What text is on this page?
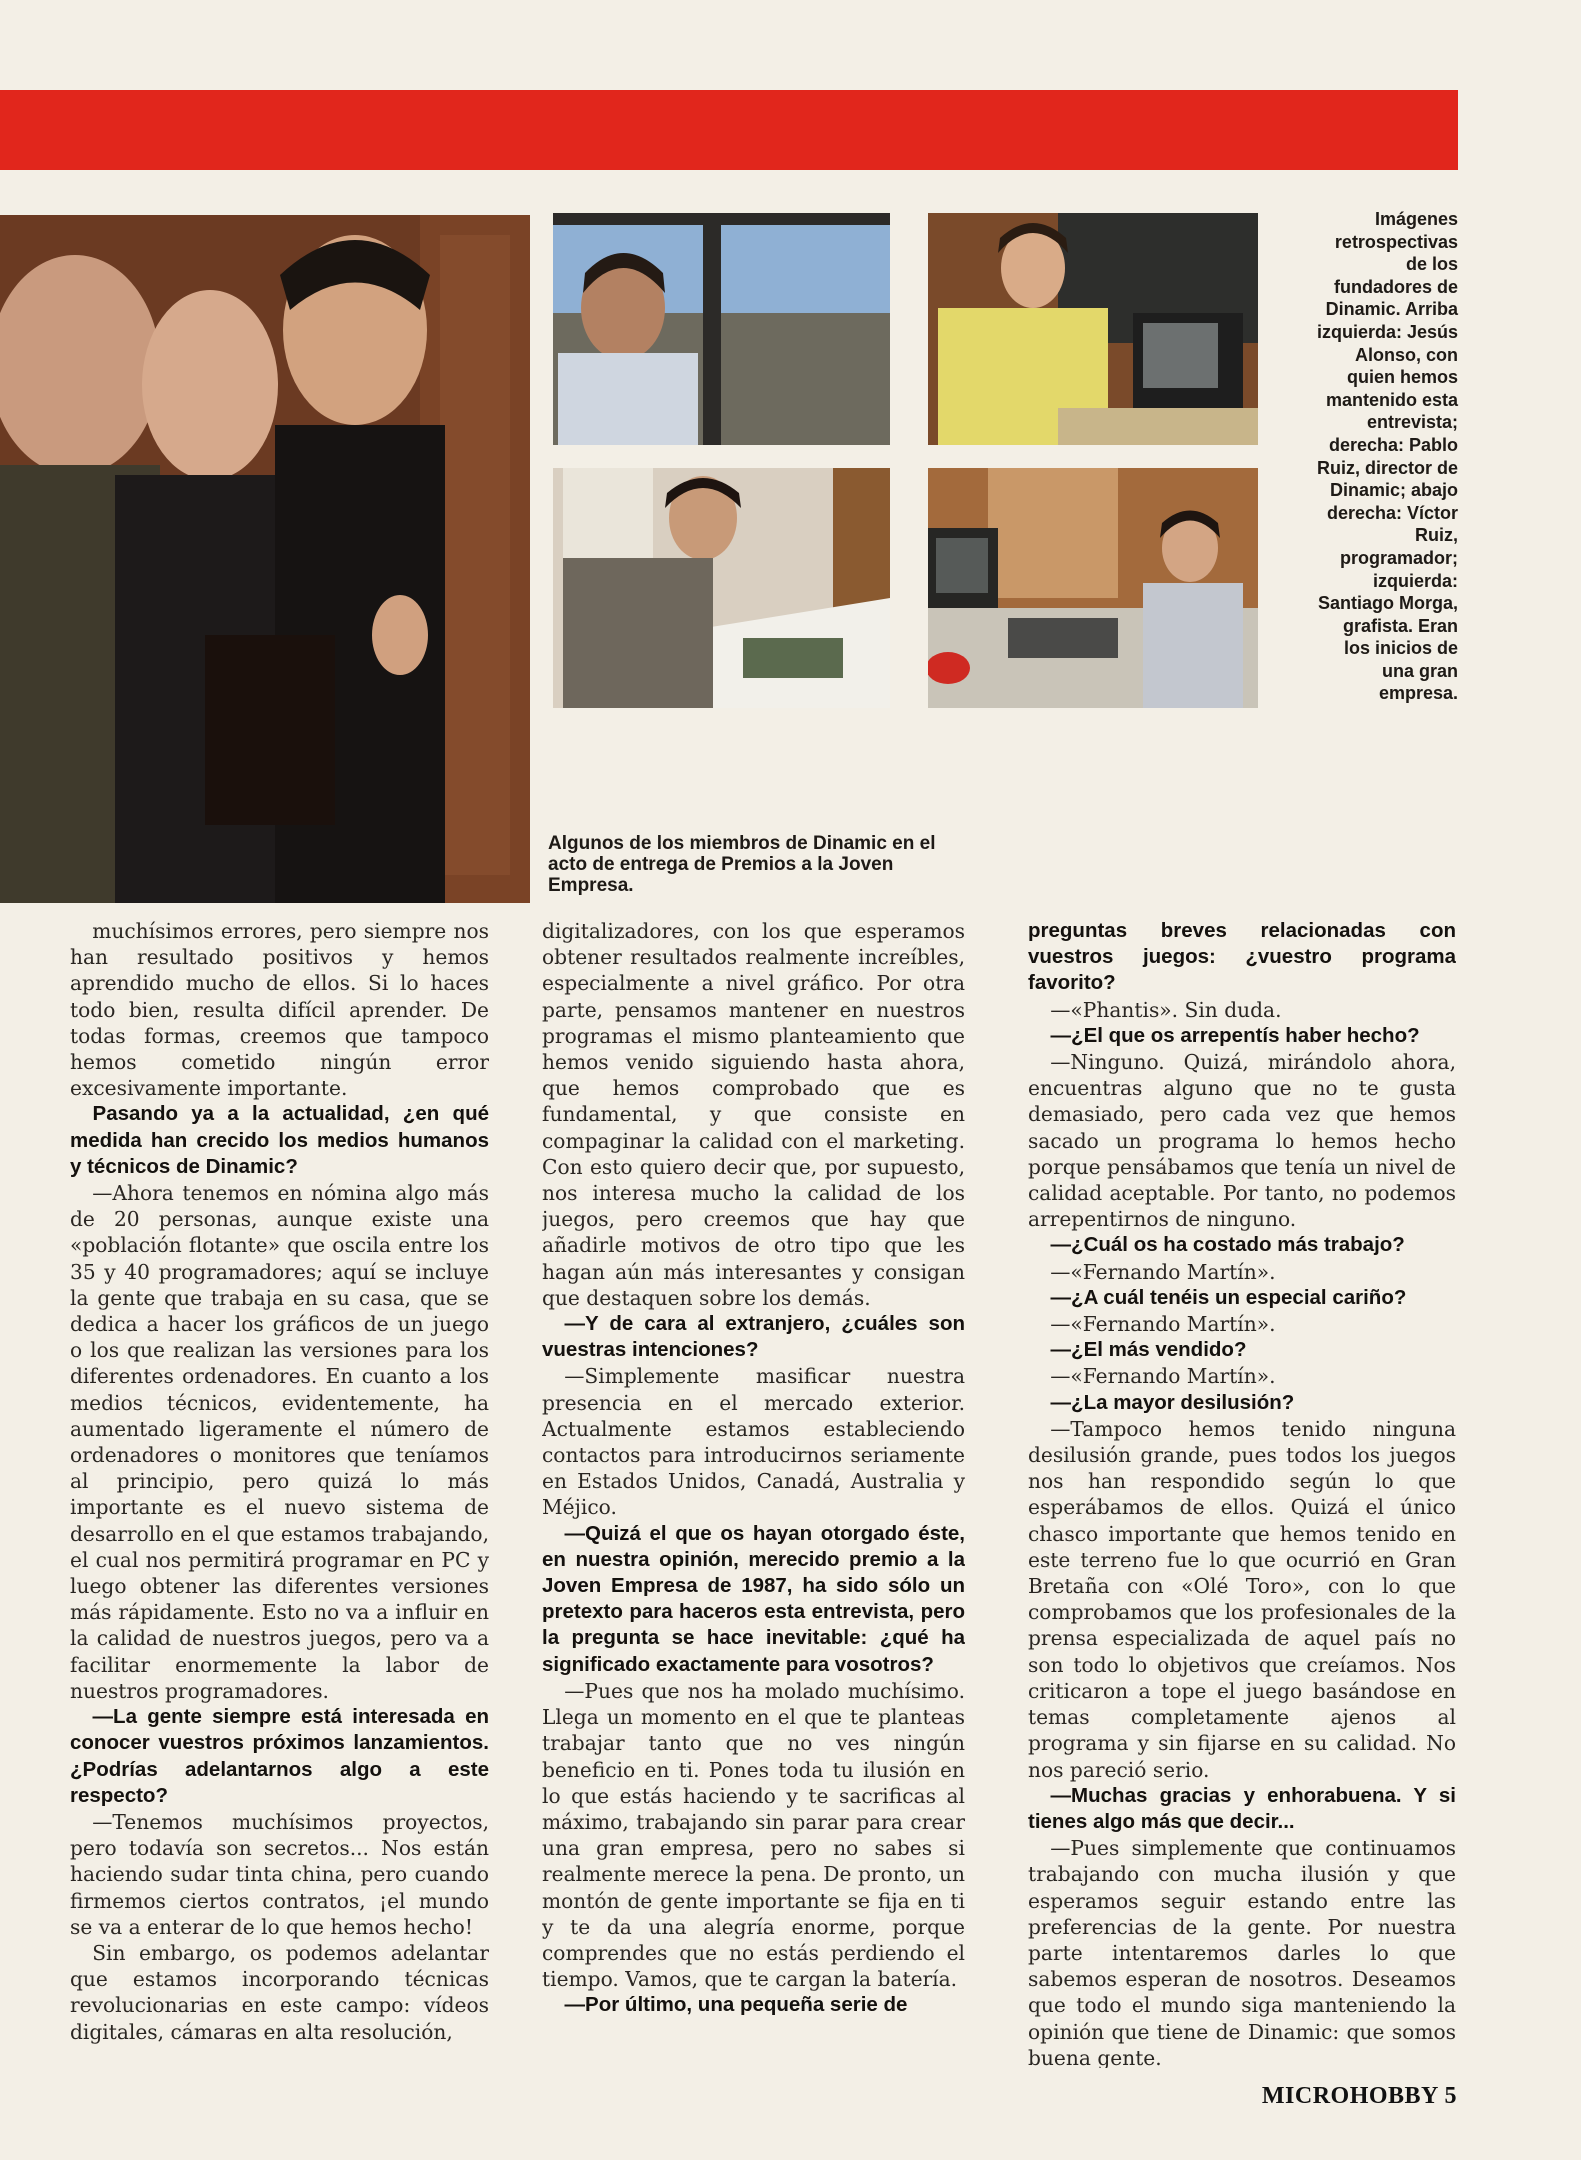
Algunos de los miembros de Dinamic en el acto de entrega de Premios a la Joven Empresa.
Imágenes
retrospectivas
de los
fundadores de
Dinamic. Arriba
izquierda: Jesús
Alonso, con
quien hemos
mantenido esta
entrevista;
derecha: Pablo
Ruiz, director de
Dinamic; abajo
derecha: Víctor
Ruiz,
programador;
izquierda:
Santiago Morga,
grafista. Eran
los inicios de
una gran
empresa.

muchísimos errores, pero siempre nos han resultado positivos y hemos aprendido mucho de ellos. Si lo haces todo bien, resulta difícil aprender. De todas formas, creemos que tampoco hemos cometido ningún error excesivamente importante.

Pasando ya a la actualidad, ¿en qué medida han crecido los medios humanos y técnicos de Dinamic?

—Ahora tenemos en nómina algo más de 20 personas, aunque existe una «población flotante» que oscila entre los 35 y 40 programadores; aquí se incluye la gente que trabaja en su casa, que se dedica a hacer los gráficos de un juego o los que realizan las versiones para los diferentes ordenadores. En cuanto a los medios técnicos, evidentemente, ha aumentado ligeramente el número de ordenadores o monitores que teníamos al principio, pero quizá lo más importante es el nuevo sistema de desarrollo en el que estamos trabajando, el cual nos permitirá programar en PC y luego obtener las diferentes versiones más rápidamente. Esto no va a influir en la calidad de nuestros juegos, pero va a facilitar enormemente la labor de nuestros programadores.

—La gente siempre está interesada en conocer vuestros próximos lanzamientos. ¿Podrías adelantarnos algo a este respecto?

—Tenemos muchísimos proyectos, pero todavía son secretos... Nos están haciendo sudar tinta china, pero cuando firmemos ciertos contratos, ¡el mundo se va a enterar de lo que hemos hecho!

Sin embargo, os podemos adelantar que estamos incorporando técnicas revolucionarias en este campo: vídeos digitales, cámaras en alta resolución,

digitalizadores, con los que esperamos obtener resultados realmente increíbles, especialmente a nivel gráfico. Por otra parte, pensamos mantener en nuestros programas el mismo planteamiento que hemos venido siguiendo hasta ahora, que hemos comprobado que es fundamental, y que consiste en compaginar la calidad con el marketing. Con esto quiero decir que, por supuesto, nos interesa mucho la calidad de los juegos, pero creemos que hay que añadirle motivos de otro tipo que les hagan aún más interesantes y consigan que destaquen sobre los demás.

—Y de cara al extranjero, ¿cuáles son vuestras intenciones?

—Simplemente masificar nuestra presencia en el mercado exterior. Actualmente estamos estableciendo contactos para introducirnos seriamente en Estados Unidos, Canadá, Australia y Méjico.

—Quizá el que os hayan otorgado éste, en nuestra opinión, merecido premio a la Joven Empresa de 1987, ha sido sólo un pretexto para haceros esta entrevista, pero la pregunta se hace inevitable: ¿qué ha significado exactamente para vosotros?

—Pues que nos ha molado muchísimo. Llega un momento en el que te planteas trabajar tanto que no ves ningún beneficio en ti. Pones toda tu ilusión en lo que estás haciendo y te sacrificas al máximo, trabajando sin parar para crear una gran empresa, pero no sabes si realmente merece la pena. De pronto, un montón de gente importante se fija en ti y te da una alegría enorme, porque comprendes que no estás perdiendo el tiempo. Vamos, que te cargan la batería.

—Por último, una pequeña serie de

preguntas breves relacionadas con vuestros juegos: ¿vuestro programa favorito?

—«Phantis». Sin duda.

—¿El que os arrepentís haber hecho?

—Ninguno. Quizá, mirándolo ahora, encuentras alguno que no te gusta demasiado, pero cada vez que hemos sacado un programa lo hemos hecho porque pensábamos que tenía un nivel de calidad aceptable. Por tanto, no podemos arrepentirnos de ninguno.

—¿Cuál os ha costado más trabajo?

—«Fernando Martín».

—¿A cuál tenéis un especial cariño?

—«Fernando Martín».

—¿El más vendido?

—«Fernando Martín».

—¿La mayor desilusión?

—Tampoco hemos tenido ninguna desilusión grande, pues todos los juegos nos han respondido según lo que esperábamos de ellos. Quizá el único chasco importante que hemos tenido en este terreno fue lo que ocurrió en Gran Bretaña con «Olé Toro», con lo que comprobamos que los profesionales de la prensa especializada de aquel país no son todo lo objetivos que creíamos. Nos criticaron a tope el juego basándose en temas completamente ajenos al programa y sin fijarse en su calidad. No nos pareció serio.

—Muchas gracias y enhorabuena. Y si tienes algo más que decir...

—Pues simplemente que continuamos trabajando con mucha ilusión y que esperamos seguir estando entre las preferencias de la gente. Por nuestra parte intentaremos darles lo que sabemos esperan de nosotros. Deseamos que todo el mundo siga manteniendo la opinión que tiene de Dinamic: que somos buena gente.

MICROHOBBY 5
